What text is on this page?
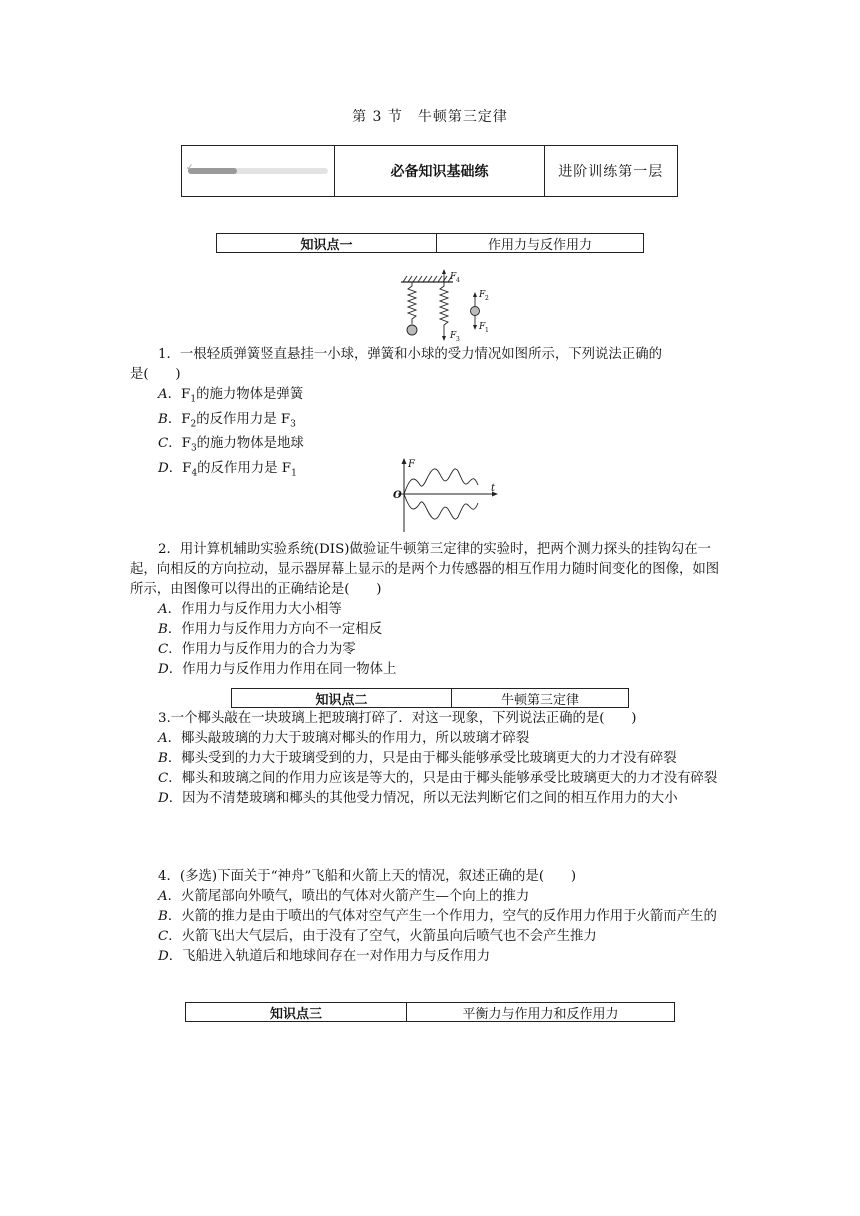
第 3 节　牛顿第三定律
✓	必备知识基础练	进阶训练第一层
知识点一	作用力与反作用力
F 4
F 2
F 3
F 1

1．一根轻质弹簧竖直悬挂一小球，弹簧和小球的受力情况如图所示，下列说法正确的

是(　　)

A．$F_1$的施力物体是弹簧

B．$F_2$的反作用力是 $F_3$

C．$F_3$的施力物体是地球

D．$F_4$的反作用力是 $F_1$

F
t
O

2．用计算机辅助实验系统(DIS)做验证牛顿第三定律的实验时，把两个测力探头的挂钩勾在一起，向相反的方向拉动，显示器屏幕上显示的是两个力传感器的相互作用力随时间变化的图像，如图所示，由图像可以得出的正确结论是(　　)

A．作用力与反作用力大小相等

B．作用力与反作用力方向不一定相反

C．作用力与反作用力的合力为零

D．作用力与反作用力作用在同一物体上

知识点二	牛顿第三定律

3.一个椰头敲在一块玻璃上把玻璃打碎了．对这一现象，下列说法正确的是(　　)

A．椰头敲玻璃的力大于玻璃对椰头的作用力，所以玻璃才碎裂

B．椰头受到的力大于玻璃受到的力，只是由于椰头能够承受比玻璃更大的力才没有碎裂

C．椰头和玻璃之间的作用力应该是等大的，只是由于椰头能够承受比玻璃更大的力才没有碎裂

D．因为不清楚玻璃和椰头的其他受力情况，所以无法判断它们之间的相互作用力的大小

4．(多选)下面关于“神舟”飞船和火箭上天的情况，叙述正确的是(　　)

A．火箭尾部向外喷气，喷出的气体对火箭产生—个向上的推力

B．火箭的推力是由于喷出的气体对空气产生一个作用力，空气的反作用力作用于火箭而产生的

C．火箭飞出大气层后，由于没有了空气，火箭虽向后喷气也不会产生推力

D．飞船进入轨道后和地球间存在一对作用力与反作用力

知识点三	平衡力与作用力和反作用力
